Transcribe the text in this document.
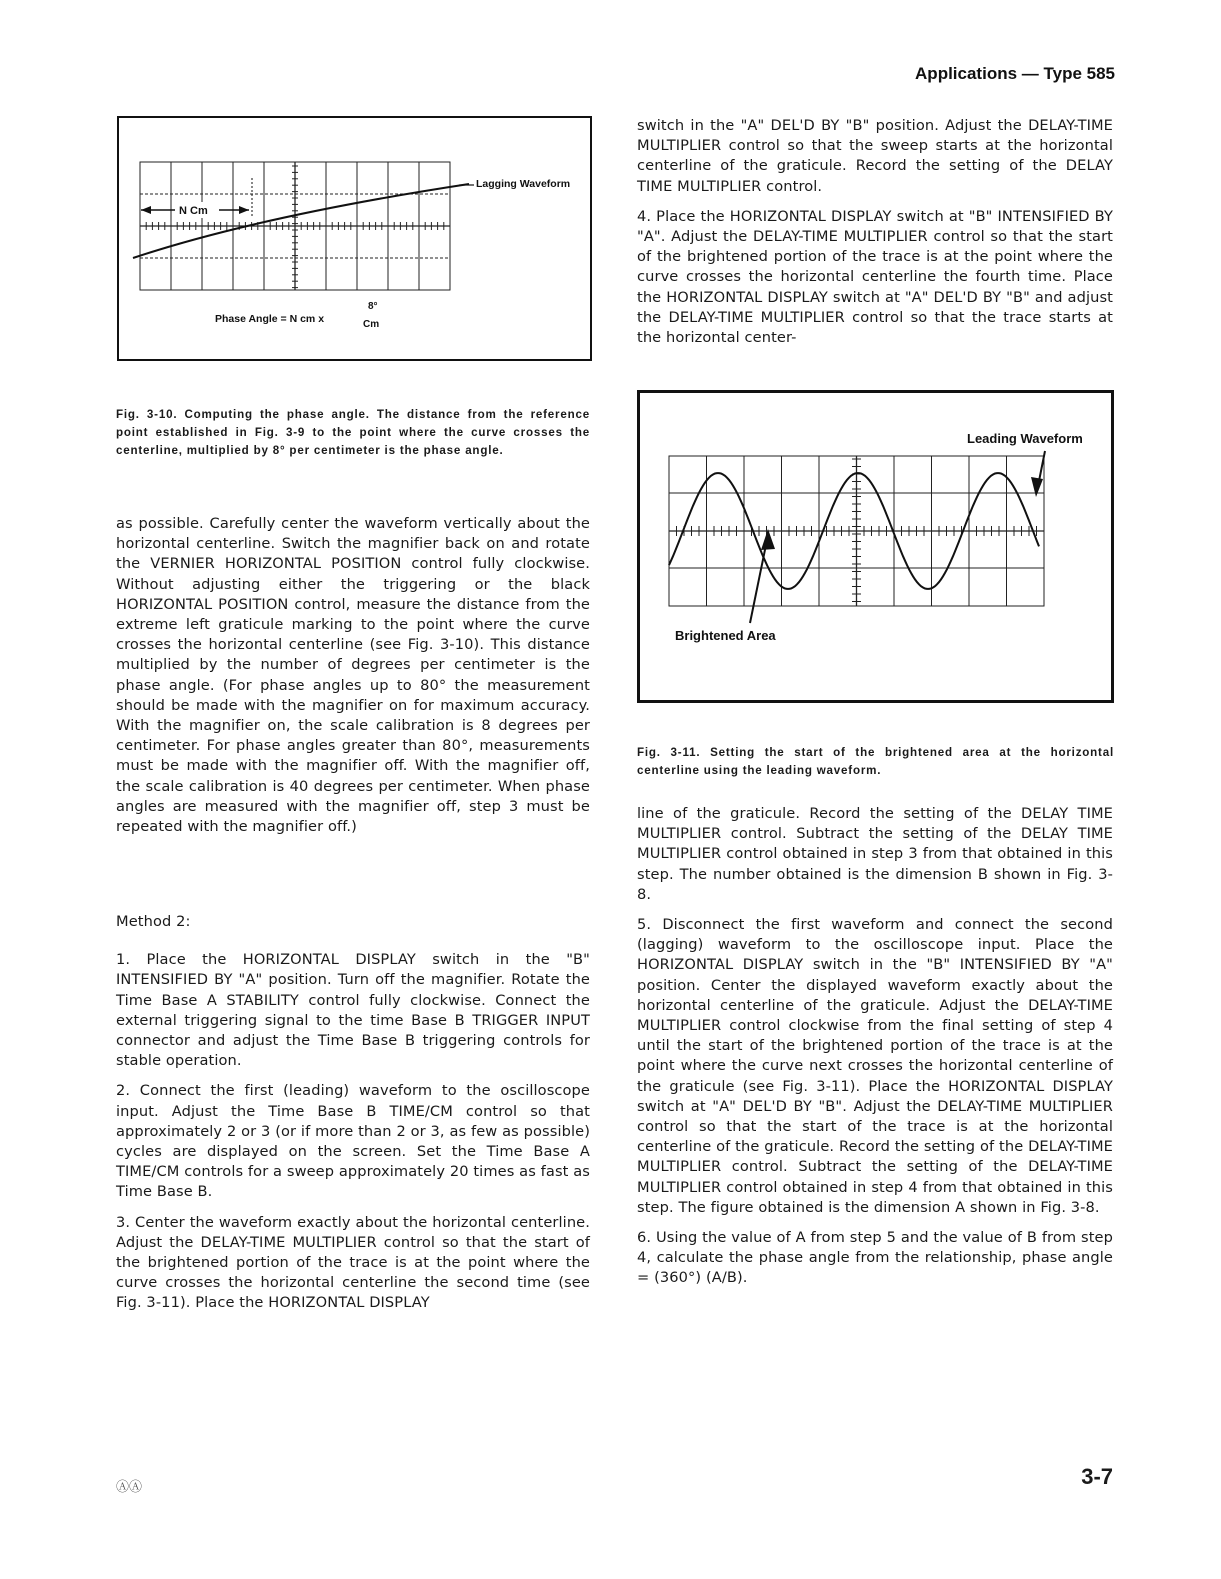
Applications — Type 585
Lagging Waveform
N Cm
Phase Angle = N cm x
8°
Cm
Fig. 3-10. Computing the phase angle. The distance from the reference point established in Fig. 3-9 to the point where the curve crosses the centerline, multiplied by 8° per centimeter is the phase angle.

as possible. Carefully center the waveform vertically about the horizontal centerline. Switch the magnifier back on and rotate the VERNIER HORIZONTAL POSITION control fully clockwise. Without adjusting either the triggering or the black HORIZONTAL POSITION control, measure the distance from the extreme left graticule marking to the point where the curve crosses the horizontal centerline (see Fig. 3-10). This distance multiplied by the number of degrees per centimeter is the phase angle. (For phase angles up to 80° the measurement should be made with the magnifier on for maximum accuracy. With the magnifier on, the scale calibration is 8 degrees per centimeter. For phase angles greater than 80°, measurements must be made with the magnifier off. With the magnifier off, the scale calibration is 40 degrees per centimeter. When phase angles are measured with the magnifier off, step 3 must be repeated with the magnifier off.)

Method 2:

1. Place the HORIZONTAL DISPLAY switch in the "B" INTENSIFIED BY "A" position. Turn off the magnifier. Rotate the Time Base A STABILITY control fully clockwise. Connect the external triggering signal to the time Base B TRIGGER INPUT connector and adjust the Time Base B triggering controls for stable operation.

2. Connect the first (leading) waveform to the oscilloscope input. Adjust the Time Base B TIME/CM control so that approximately 2 or 3 (or if more than 2 or 3, as few as possible) cycles are displayed on the screen. Set the Time Base A TIME/CM controls for a sweep approximately 20 times as fast as Time Base B.

3. Center the waveform exactly about the horizontal centerline. Adjust the DELAY-TIME MULTIPLIER control so that the start of the brightened portion of the trace is at the point where the curve crosses the horizontal centerline the second time (see Fig. 3-11). Place the HORIZONTAL DISPLAY

switch in the "A" DEL'D BY "B" position. Adjust the DELAY-TIME MULTIPLIER control so that the sweep starts at the horizontal centerline of the graticule. Record the setting of the DELAY TIME MULTIPLIER control.

4. Place the HORIZONTAL DISPLAY switch at "B" INTENSIFIED BY "A". Adjust the DELAY-TIME MULTIPLIER control so that the start of the brightened portion of the trace is at the point where the curve crosses the horizontal centerline the fourth time. Place the HORIZONTAL DISPLAY switch at "A" DEL'D BY "B" and adjust the DELAY-TIME MULTIPLIER control so that the trace starts at the horizontal center-

Leading Waveform
Brightened Area
Fig. 3-11. Setting the start of the brightened area at the horizontal centerline using the leading waveform.

line of the graticule. Record the setting of the DELAY TIME MULTIPLIER control. Subtract the setting of the DELAY TIME MULTIPLIER control obtained in step 3 from that obtained in this step. The number obtained is the dimension B shown in Fig. 3-8.

5. Disconnect the first waveform and connect the second (lagging) waveform to the oscilloscope input. Place the HORIZONTAL DISPLAY switch in the "B" INTENSIFIED BY "A" position. Center the displayed waveform exactly about the horizontal centerline of the graticule. Adjust the DELAY-TIME MULTIPLIER control clockwise from the final setting of step 4 until the start of the brightened portion of the trace is at the point where the curve next crosses the horizontal centerline of the graticule (see Fig. 3-11). Place the HORIZONTAL DISPLAY switch at "A" DEL'D BY "B". Adjust the DELAY-TIME MULTIPLIER control so that the start of the trace is at the horizontal centerline of the graticule. Record the setting of the DELAY-TIME MULTIPLIER control. Subtract the setting of the DELAY-TIME MULTIPLIER control obtained in step 4 from that obtained in this step. The figure obtained is the dimension A shown in Fig. 3-8.

6. Using the value of A from step 5 and the value of B from step 4, calculate the phase angle from the relationship, phase angle = (360°) (A/B).

ⒶⒶ	3-7
